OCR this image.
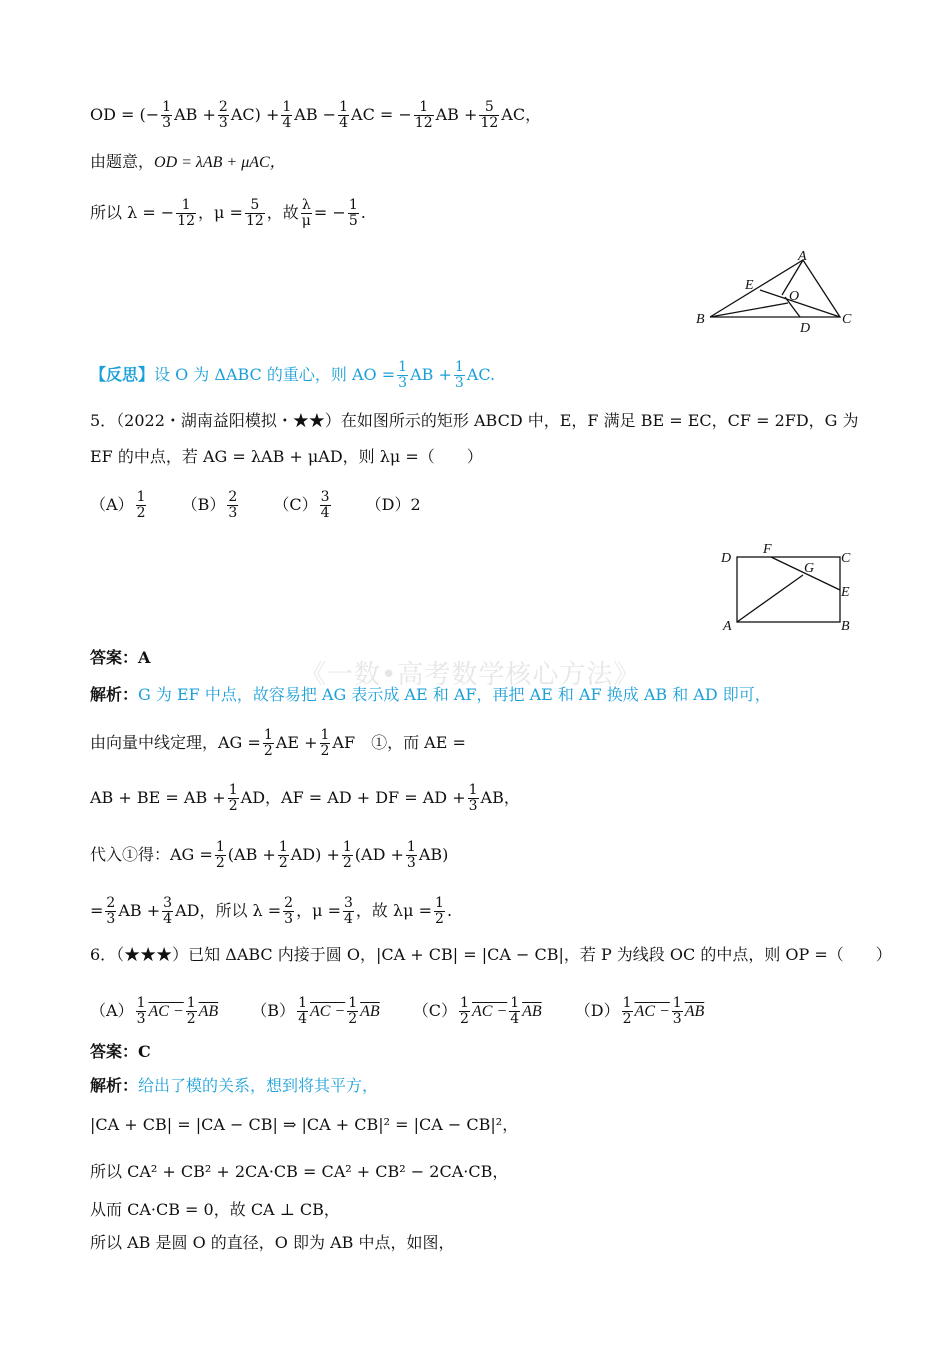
OD = (− $\frac{1}{3}$ AB + $\frac{2}{3} AC) + \frac{1}{4}$ AB − $\frac{1}{4}$ AC = − $\frac{1}{12}$ AB + $\frac{5}{12}$ AC，
由题意，OD = λAB + μAC，
所以 λ = − $\frac{1}{12}$ ，$\mu = \frac{5}{12}$ ，故 $\frac{\lambda}{\mu}$ = − $\frac{1}{5}$ .
A
B	C
D
E
O
【反思】设 O 为 ΔABC 的重心，则 AO = $\frac{1}{3}$ AB + $\frac{1}{3}$ AC.
5．（2022・湖南益阳模拟・★★）在如图所示的矩形 ABCD 中，E，F 满足 BE = EC，CF = 2FD，G 为
EF 的中点，若 AG = λAB + μAD，则 λμ =（　　）
$(A) \frac{1}{2} (B) \frac{2}{3} (C) \frac{3}{4} (D)2$
D
F
C
G
E
A	B
《一数•高考数学核心方法》
答案：A
解析：G 为 EF 中点，故容易把 AG 表示成 AE 和 AF，再把 AE 和 AF 换成 AB 和 AD 即可，
由向量中线定理，AG = $\frac{1}{2}$ AE + $\frac{1}{2}$ AF　①，而 AE =
AB + BE = AB + $\frac{1}{2}$ AD，AF = AD + DF = AD + $\frac{1}{3}$ AB，
代入①得：AG = $\frac{1}{2} (AB + \frac{1}{2} AD) + \frac{1}{2} (AD + \frac{1}{3} AB)$
= $\frac{2}{3}$ AB + $\frac{3}{4}$ AD，所以 $\lambda = \frac{2}{3}$ ，$\mu = \frac{3}{4}$ ，故 $\lambda\mu = \frac{1}{2}$ .
6．（★★★）已知 ΔABC 内接于圆 O，|CA + CB| = |CA − CB|，若 P 为线段 OC 的中点，则 OP =（　　）
$(A) \frac{1}{3}$ AC − $\frac{1}{2} \overline{AB}$ $(B) \frac{1}{4}$ AC − $\frac{1}{2} \overline{AB}$ $(C) \frac{1}{2}$ AC − $\frac{1}{4} \overline{AB}$ $(D) \frac{1}{2}$ AC − $\frac{1}{3} \overline{AB}$
答案：C
解析：给出了模的关系，想到将其平方，
|CA + CB| = |CA − CB| ⇒ |CA + CB|² = |CA − CB|²，
所以 CA² + CB² + 2CA·CB = CA² + CB² − 2CA·CB，
从而 CA·CB = 0，故 CA ⊥ CB，
所以 AB 是圆 O 的直径，O 即为 AB 中点，如图，
